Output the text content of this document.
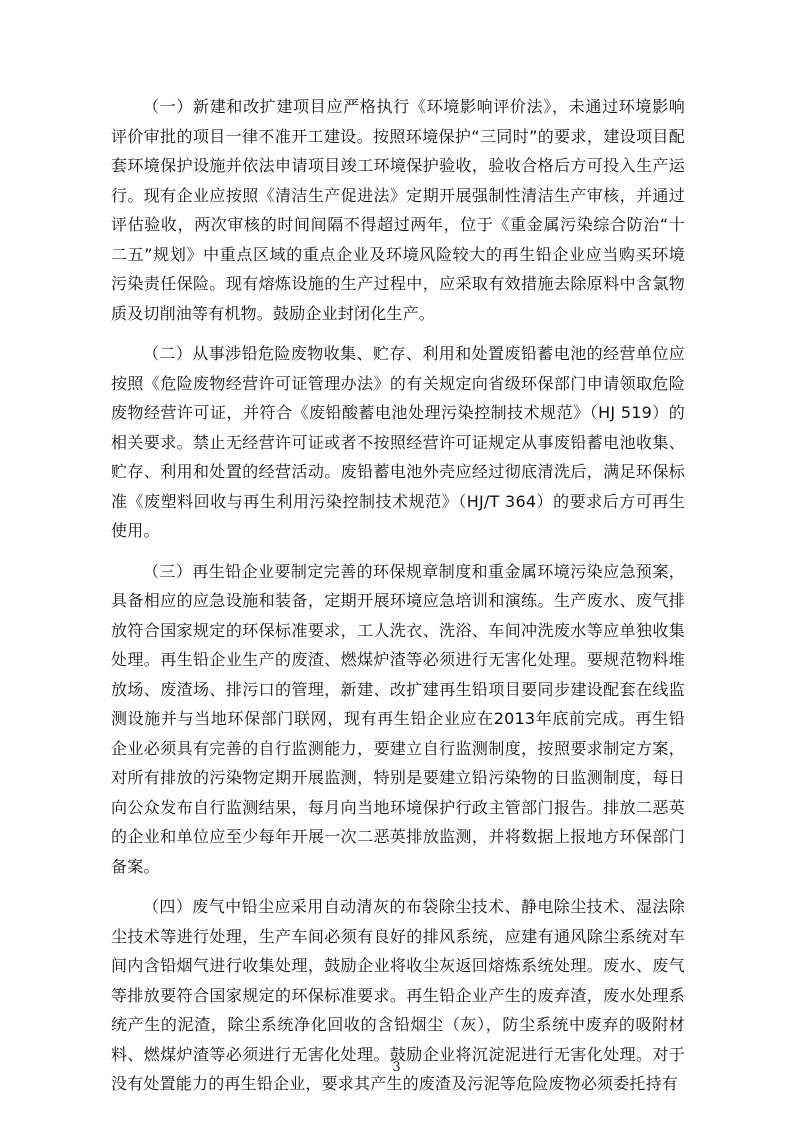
（一）新建和改扩建项目应严格执行《环境影响评价法》，未通过环境影响评价审批的项目一律不准开工建设。按照环境保护“三同时”的要求，建设项目配套环境保护设施并依法申请项目竣工环境保护验收，验收合格后方可投入生产运行。现有企业应按照《清洁生产促进法》定期开展强制性清洁生产审核，并通过评估验收，两次审核的时间间隔不得超过两年，位于《重金属污染综合防治“十二五”规划》中重点区域的重点企业及环境风险较大的再生铅企业应当购买环境污染责任保险。现有熔炼设施的生产过程中，应采取有效措施去除原料中含氯物质及切削油等有机物。鼓励企业封闭化生产。

（二）从事涉铅危险废物收集、贮存、利用和处置废铅蓄电池的经营单位应按照《危险废物经营许可证管理办法》的有关规定向省级环保部门申请领取危险废物经营许可证，并符合《废铅酸蓄电池处理污染控制技术规范》（HJ 519）的相关要求。禁止无经营许可证或者不按照经营许可证规定从事废铅蓄电池收集、贮存、利用和处置的经营活动。废铅蓄电池外壳应经过彻底清洗后，满足环保标准《废塑料回收与再生利用污染控制技术规范》（HJ/T 364）的要求后方可再生使用。

（三）再生铅企业要制定完善的环保规章制度和重金属环境污染应急预案，具备相应的应急设施和装备，定期开展环境应急培训和演练。生产废水、废气排放符合国家规定的环保标准要求，工人洗衣、洗浴、车间冲洗废水等应单独收集处理。再生铅企业生产的废渣、燃煤炉渣等必须进行无害化处理。要规范物料堆放场、废渣场、排污口的管理，新建、改扩建再生铅项目要同步建设配套在线监测设施并与当地环保部门联网，现有再生铅企业应在2013年底前完成。再生铅企业必须具有完善的自行监测能力，要建立自行监测制度，按照要求制定方案，对所有排放的污染物定期开展监测，特别是要建立铅污染物的日监测制度，每日向公众发布自行监测结果，每月向当地环境保护行政主管部门报告。排放二恶英的企业和单位应至少每年开展一次二恶英排放监测，并将数据上报地方环保部门备案。

（四）废气中铅尘应采用自动清灰的布袋除尘技术、静电除尘技术、湿法除尘技术等进行处理，生产车间必须有良好的排风系统，应建有通风除尘系统对车间内含铅烟气进行收集处理，鼓励企业将收尘灰返回熔炼系统处理。废水、废气等排放要符合国家规定的环保标准要求。再生铅企业产生的废弃渣，废水处理系统产生的泥渣，除尘系统净化回收的含铅烟尘（灰），防尘系统中废弃的吸附材料、燃煤炉渣等必须进行无害化处理。鼓励企业将沉淀泥进行无害化处理。对于没有处置能力的再生铅企业，要求其产生的废渣及污泥等危险废物必须委托持有

3
